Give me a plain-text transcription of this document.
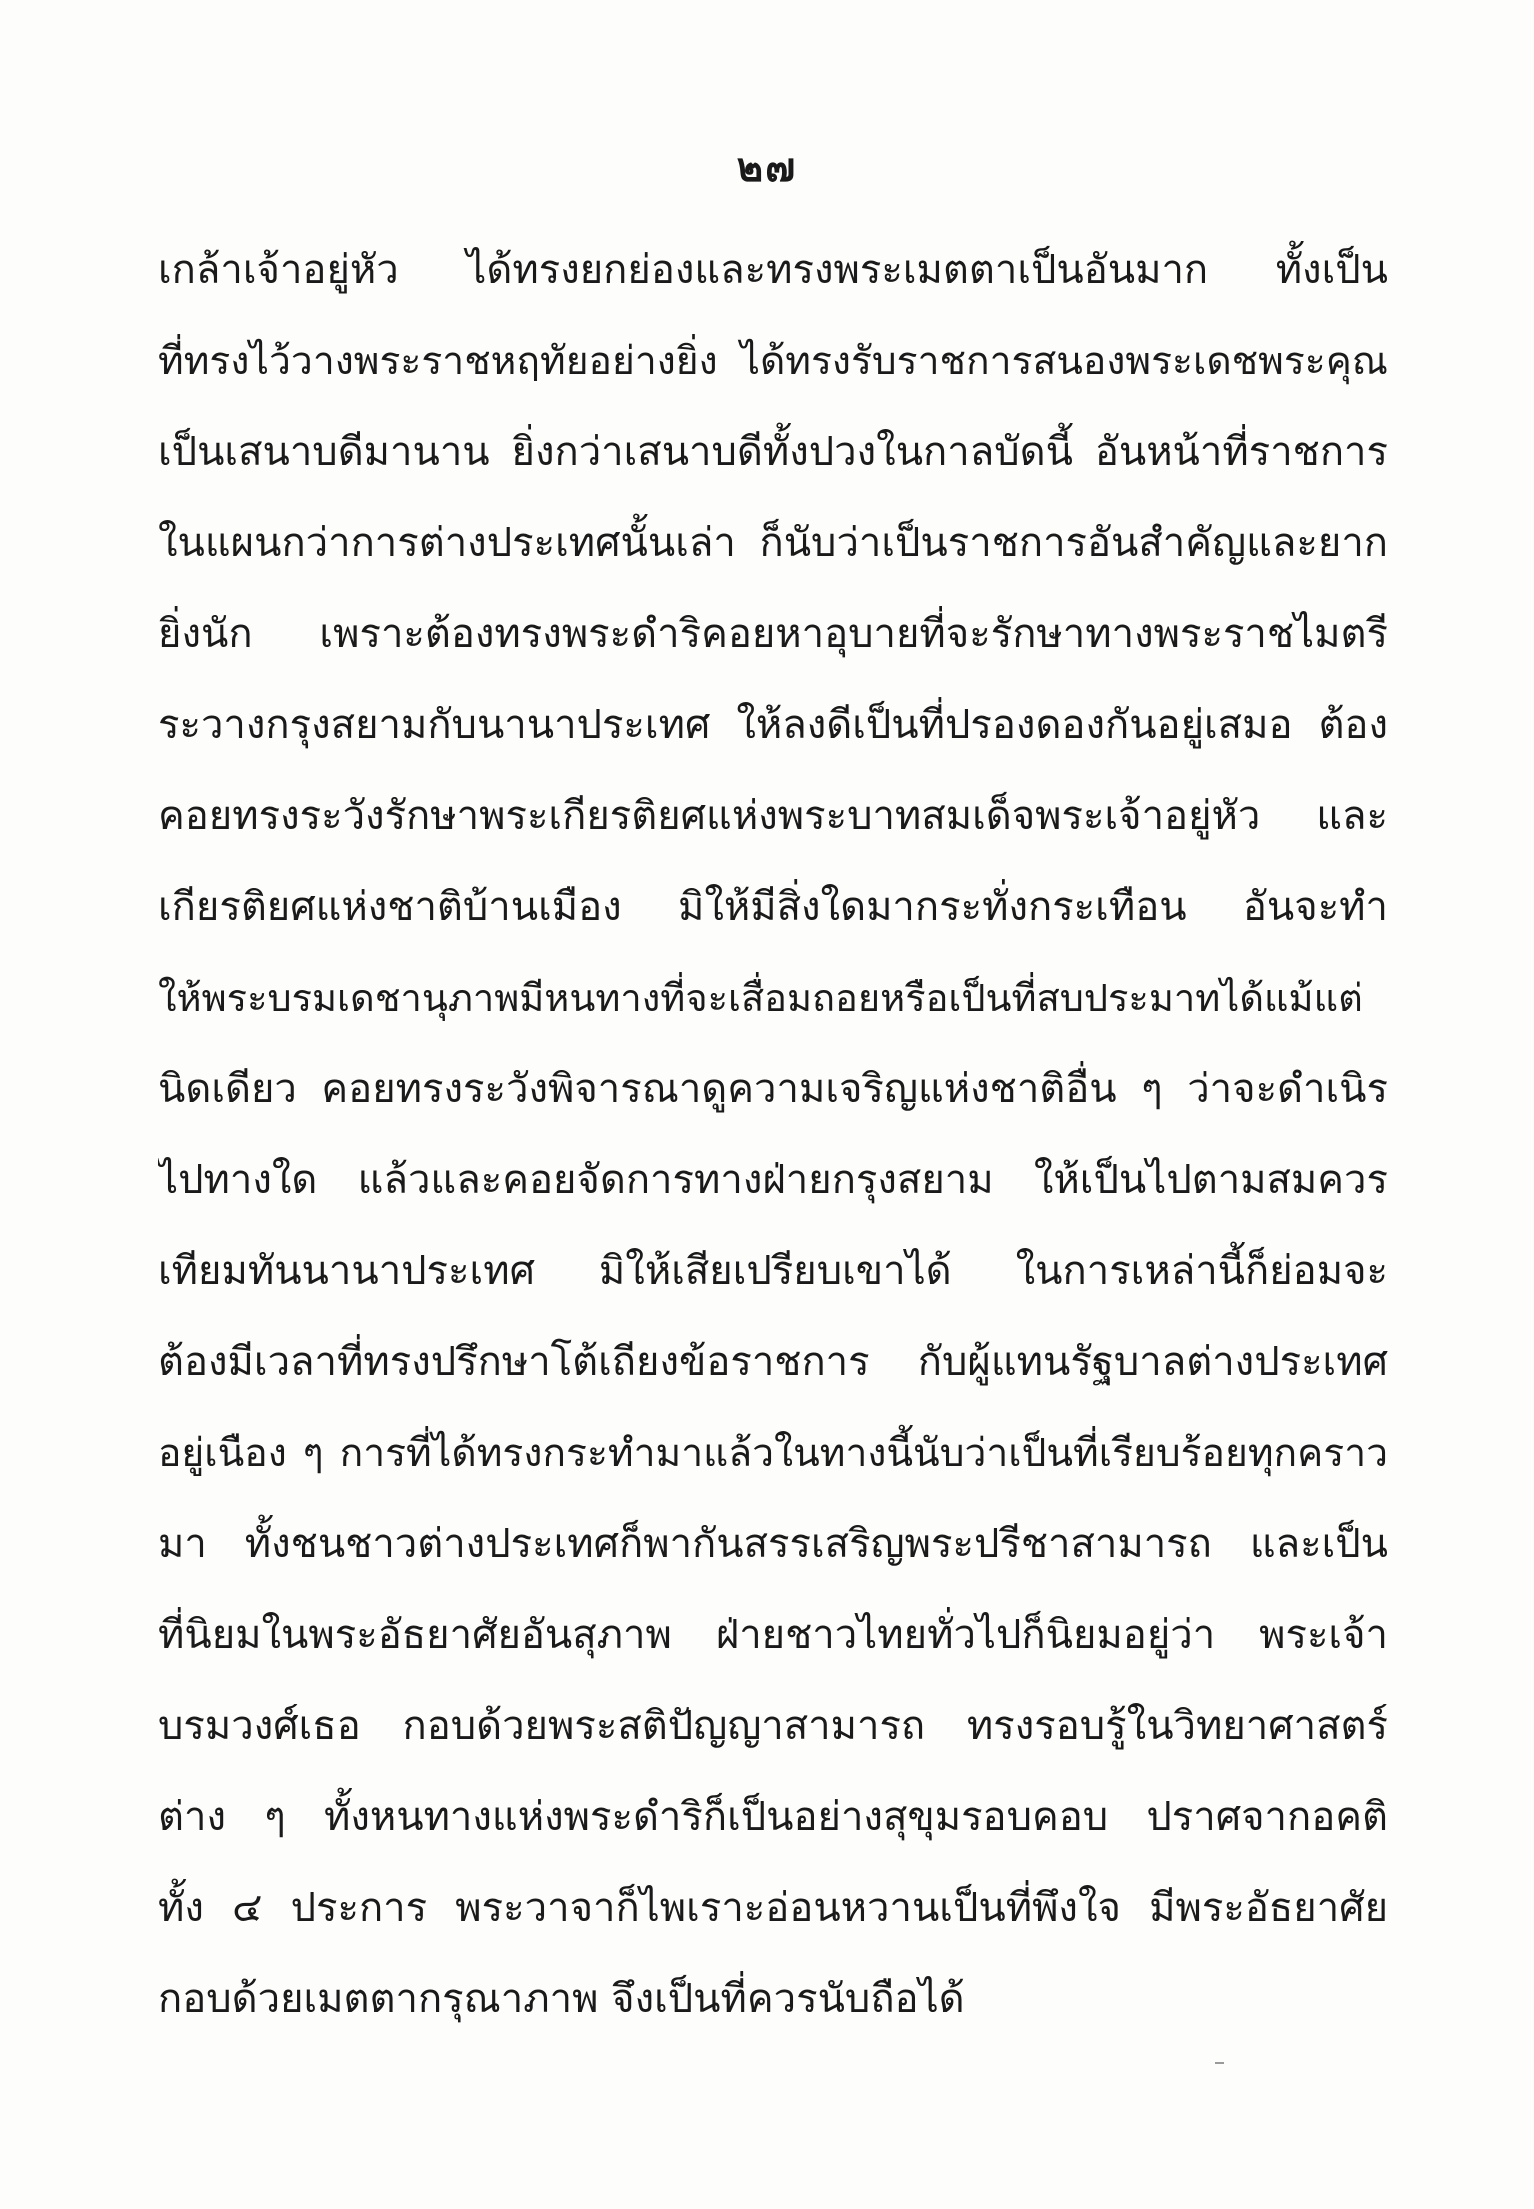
๒๗
เกล้าเจ้าอยู่หัว ได้ทรงยกย่องและทรงพระเมตตาเป็นอันมาก ทั้งเป็น
ที่ทรงไว้วางพระราชหฤทัยอย่างยิ่ง ได้ทรงรับราชการสนองพระเดชพระคุณ
เป็นเสนาบดีมานาน ยิ่งกว่าเสนาบดีทั้งปวงในกาลบัดนี้ อันหน้าที่ราชการ
ในแผนกว่าการต่างประเทศนั้นเล่า ก็นับว่าเป็นราชการอันสำคัญและยาก
ยิ่งนัก เพราะต้องทรงพระดำริคอยหาอุบายที่จะรักษาทางพระราชไมตรี
ระวางกรุงสยามกับนานาประเทศ ให้ลงดีเป็นที่ปรองดองกันอยู่เสมอ ต้อง
คอยทรงระวังรักษาพระเกียรติยศแห่งพระบาทสมเด็จพระเจ้าอยู่หัว และ
เกียรติยศแห่งชาติบ้านเมือง มิให้มีสิ่งใดมากระทั่งกระเทือน อันจะทำ
ให้พระบรมเดชานุภาพมีหนทางที่จะเสื่อมถอยหรือเป็นที่สบประมาทได้แม้แต่
นิดเดียว คอยทรงระวังพิจารณาดูความเจริญแห่งชาติอื่น ๆ ว่าจะดำเนิร
ไปทางใด แล้วและคอยจัดการทางฝ่ายกรุงสยาม ให้เป็นไปตามสมควร
เทียมทันนานาประเทศ มิให้เสียเปรียบเขาได้ ในการเหล่านี้ก็ย่อมจะ
ต้องมีเวลาที่ทรงปรึกษาโต้เถียงข้อราชการ กับผู้แทนรัฐบาลต่างประเทศ
อยู่เนือง ๆ การที่ได้ทรงกระทำมาแล้วในทางนี้นับว่าเป็นที่เรียบร้อยทุกคราว
มา ทั้งชนชาวต่างประเทศก็พากันสรรเสริญพระปรีชาสามารถ และเป็น
ที่นิยมในพระอัธยาศัยอันสุภาพ ฝ่ายชาวไทยทั่วไปก็นิยมอยู่ว่า พระเจ้า
บรมวงศ์เธอ กอบด้วยพระสติปัญญาสามารถ ทรงรอบรู้ในวิทยาศาสตร์
ต่าง ๆ ทั้งหนทางแห่งพระดำริก็เป็นอย่างสุขุมรอบคอบ ปราศจากอคติ
ทั้ง ๔ ประการ พระวาจาก็ไพเราะอ่อนหวานเป็นที่พึงใจ มีพระอัธยาศัย
กอบด้วยเมตตากรุณาภาพ จึงเป็นที่ควรนับถือได้
